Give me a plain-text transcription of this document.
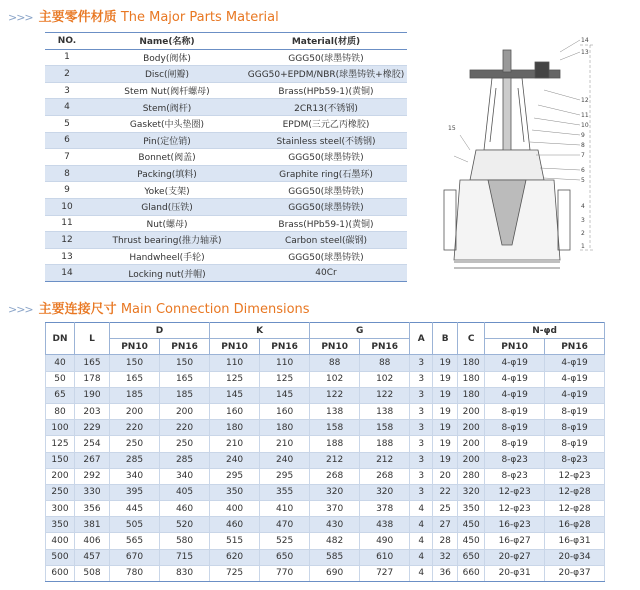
>>> 主要零件材质 The Major Parts Material
NO.	Name(名称)	Material(材质)
1	Body(阀体)	GGG50(球墨铸铁)
2	Disc(闸瓣)	GGG50+EPDM/NBR(球墨铸铁+橡胶)
3	Stem Nut(阀杆螺母)	Brass(HPb59-1)(黄铜)
4	Stem(阀杆)	2CR13(不锈钢)
5	Gasket(中头垫圈)	EPDM(三元乙丙橡胶)
6	Pin(定位销)	Stainless steel(不锈钢)
7	Bonnet(阀盖)	GGG50(球墨铸铁)
8	Packing(填料)	Graphite ring(石墨环)
9	Yoke(支架)	GGG50(球墨铸铁)
10	Gland(压铁)	GGG50(球墨铸铁)
11	Nut(螺母)	Brass(HPb59-1)(黄铜)
12	Thrust bearing(推力轴承)	Carbon steel(碳钢)
13	Handwheel(手轮)	GGG50(球墨铸铁)
14	Locking nut(并帽)	40Cr
14
13
12
11
10
9
8
7
6
5
4
3
2
1
15
>>> 主要连接尺寸 Main Connection Dimensions
DN	L	D		K		G		A	B	C	N-φd	
		PN10	PN16	PN10	PN16	PN10	PN16				PN10	PN16
40	165	150	150	110	110	88	88	3	19	180	4-φ19	4-φ19
50	178	165	165	125	125	102	102	3	19	180	4-φ19	4-φ19
65	190	185	185	145	145	122	122	3	19	180	4-φ19	4-φ19
80	203	200	200	160	160	138	138	3	19	200	8-φ19	8-φ19
100	229	220	220	180	180	158	158	3	19	200	8-φ19	8-φ19
125	254	250	250	210	210	188	188	3	19	200	8-φ19	8-φ19
150	267	285	285	240	240	212	212	3	19	200	8-φ23	8-φ23
200	292	340	340	295	295	268	268	3	20	280	8-φ23	12-φ23
250	330	395	405	350	355	320	320	3	22	320	12-φ23	12-φ28
300	356	445	460	400	410	370	378	4	25	350	12-φ23	12-φ28
350	381	505	520	460	470	430	438	4	27	450	16-φ23	16-φ28
400	406	565	580	515	525	482	490	4	28	450	16-φ27	16-φ31
500	457	670	715	620	650	585	610	4	32	650	20-φ27	20-φ34
600	508	780	830	725	770	690	727	4	36	660	20-φ31	20-φ37
